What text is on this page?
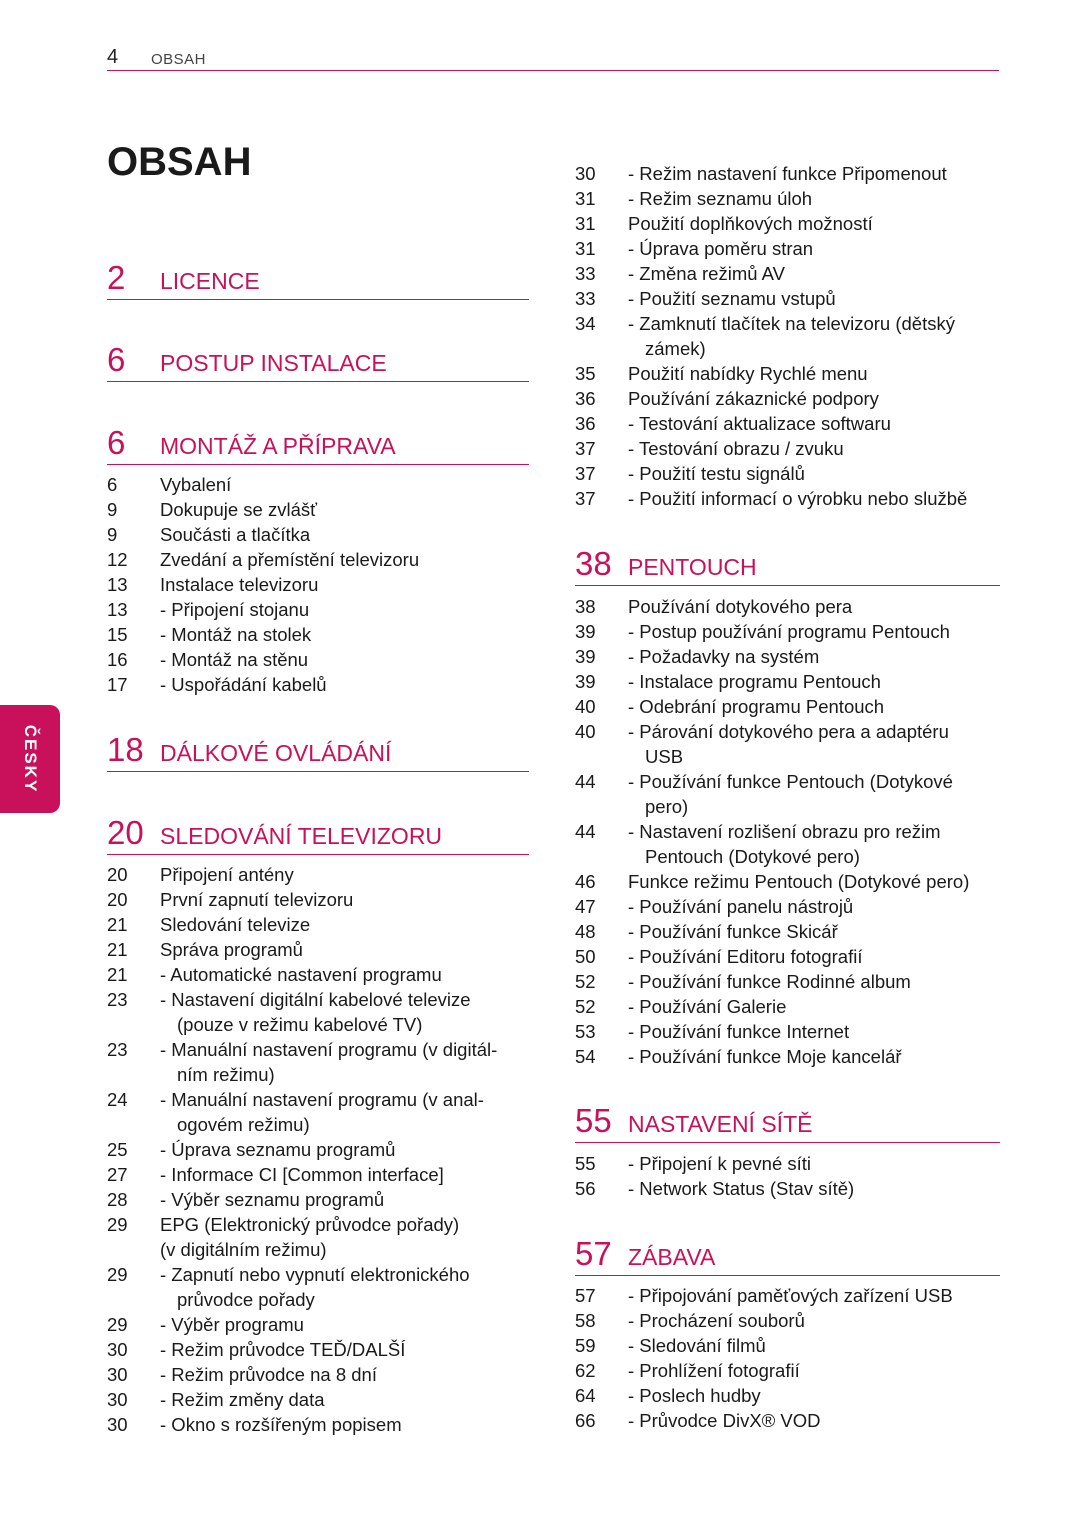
4 OBSAH
ČESKY
OBSAH
2 LICENCE
6 POSTUP INSTALACE
6 MONTÁŽ A PŘÍPRAVA
6 Vybalení
9 Dokupuje se zvlášť
9 Součásti a tlačítka
12 Zvedání a přemístění televizoru
13 Instalace televizoru
13 - Připojení stojanu
15 - Montáž na stolek
16 - Montáž na stěnu
17 - Uspořádání kabelů
18 DÁLKOVÉ OVLÁDÁNÍ
20 SLEDOVÁNÍ TELEVIZORU
20 Připojení antény
20 První zapnutí televizoru
21 Sledování televize
21 Správa programů
21 - Automatické nastavení programu
23 - Nastavení digitální kabelové televize
(pouze v režimu kabelové TV)
23 - Manuální nastavení programu (v digitál-
ním režimu)
24 - Manuální nastavení programu (v anal-
ogovém režimu)
25 - Úprava seznamu programů
27 - Informace CI [Common interface]
28 - Výběr seznamu programů
29 EPG (Elektronický průvodce pořady)
(v digitálním režimu)
29 - Zapnutí nebo vypnutí elektronického
průvodce pořady
29 - Výběr programu
30 - Režim průvodce TEĎ/DALŠÍ
30 - Režim průvodce na 8 dní
30 - Režim změny data
30 - Okno s rozšířeným popisem
30 - Režim nastavení funkce Připomenout
31 - Režim seznamu úloh
31 Použití doplňkových možností
31 - Úprava poměru stran
33 - Změna režimů AV
33 - Použití seznamu vstupů
34 - Zamknutí tlačítek na televizoru (dětský
zámek)
35 Použití nabídky Rychlé menu
36 Používání zákaznické podpory
36 - Testování aktualizace softwaru
37 - Testování obrazu / zvuku
37 - Použití testu signálů
37 - Použití informací o výrobku nebo službě
38 PENTOUCH
38 Používání dotykového pera
39 - Postup používání programu Pentouch
39 - Požadavky na systém
39 - Instalace programu Pentouch
40 - Odebrání programu Pentouch
40 - Párování dotykového pera a adaptéru
USB
44 - Používání funkce Pentouch (Dotykové
pero)
44 - Nastavení rozlišení obrazu pro režim
Pentouch (Dotykové pero)
46 Funkce režimu Pentouch (Dotykové pero)
47 - Používání panelu nástrojů
48 - Používání funkce Skicář
50 - Používání Editoru fotografií
52 - Používání funkce Rodinné album
52 - Používání Galerie
53 - Používání funkce Internet
54 - Používání funkce Moje kancelář
55 NASTAVENÍ SÍTĚ
55 - Připojení k pevné síti
56 - Network Status (Stav sítě)
57 ZÁBAVA
57 - Připojování paměťových zařízení USB
58 - Procházení souborů
59 - Sledování filmů
62 - Prohlížení fotografií
64 - Poslech hudby
66 - Průvodce DivX® VOD
